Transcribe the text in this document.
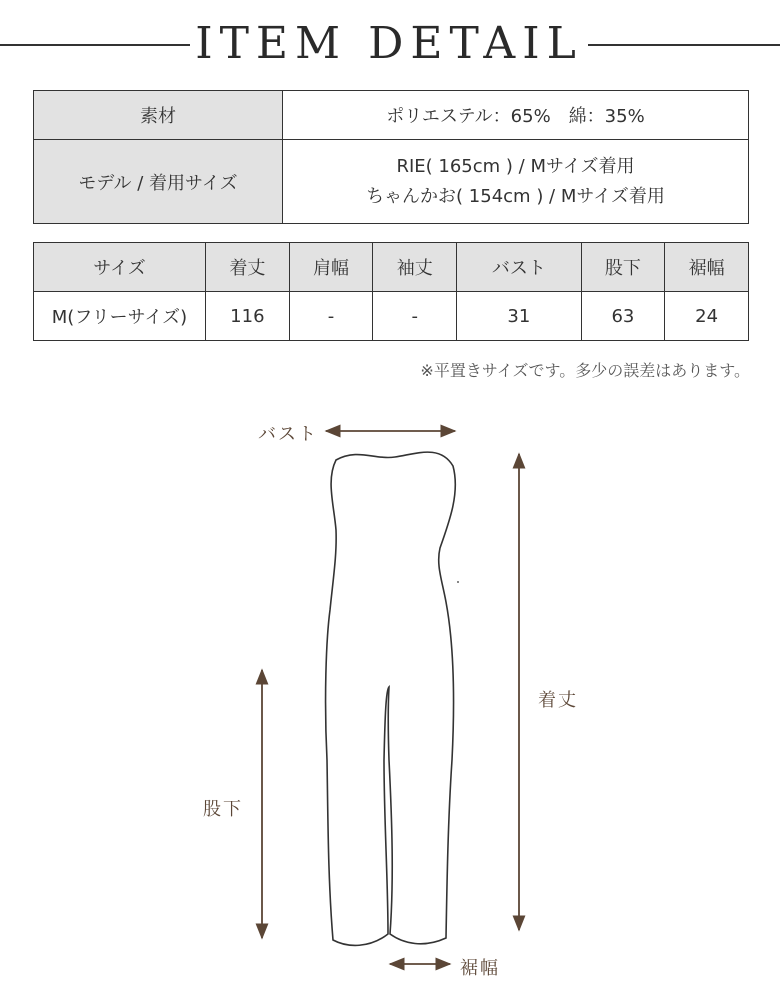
ITEM DETAIL
素材	ポリエステル：65%　綿：35%
モデル / 着用サイズ	RIE( 165cm ) / Mサイズ着用
ちゃんかお( 154cm ) / Mサイズ着用
サイズ	着丈	肩幅	袖丈	バスト	股下	裾幅
M(フリーサイズ)	116	-	-	31	63	24
※平置きサイズです。多少の誤差はあります。
バスト
着丈
股下
裾幅
